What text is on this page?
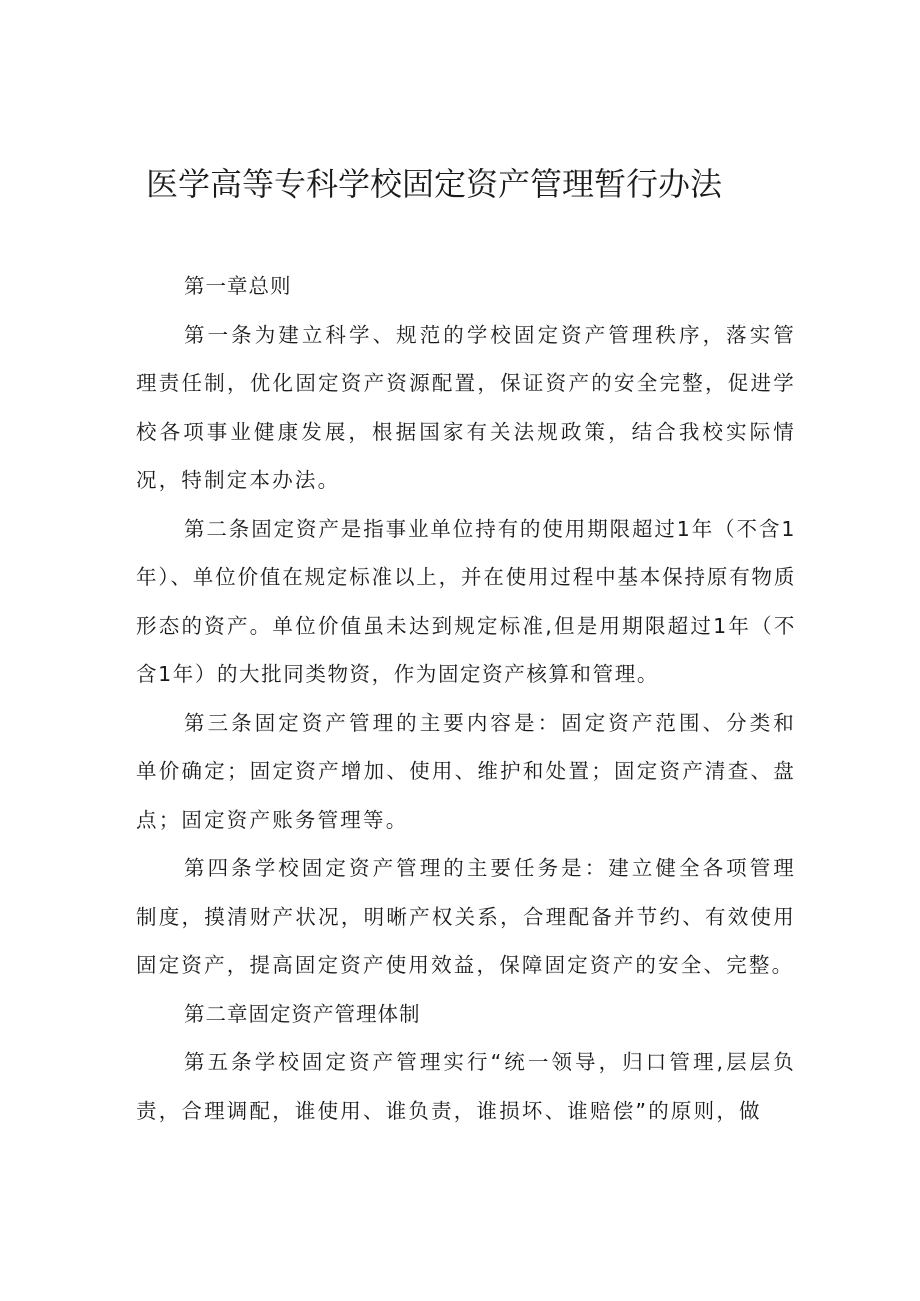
医学高等专科学校固定资产管理暂行办法

第一章总则

第一条为建立科学、规范的学校固定资产管理秩序，落实管理责任制，优化固定资产资源配置，保证资产的安全完整，促进学校各项事业健康发展，根据国家有关法规政策，结合我校实际情况，特制定本办法。

第二条固定资产是指事业单位持有的使用期限超过1年（不含1年）、单位价值在规定标准以上，并在使用过程中基本保持原有物质形态的资产。单位价值虽未达到规定标准,但是用期限超过1年（不含1年）的大批同类物资，作为固定资产核算和管理。

第三条固定资产管理的主要内容是：固定资产范围、分类和单价确定；固定资产增加、使用、维护和处置；固定资产清查、盘点；固定资产账务管理等。

第四条学校固定资产管理的主要任务是：建立健全各项管理制度，摸清财产状况，明晰产权关系，合理配备并节约、有效使用固定资产，提高固定资产使用效益，保障固定资产的安全、完整。

第二章固定资产管理体制

第五条学校固定资产管理实行“统一领导，归口管理,层层负责，合理调配，谁使用、谁负责，谁损坏、谁赔偿”的原则，做
